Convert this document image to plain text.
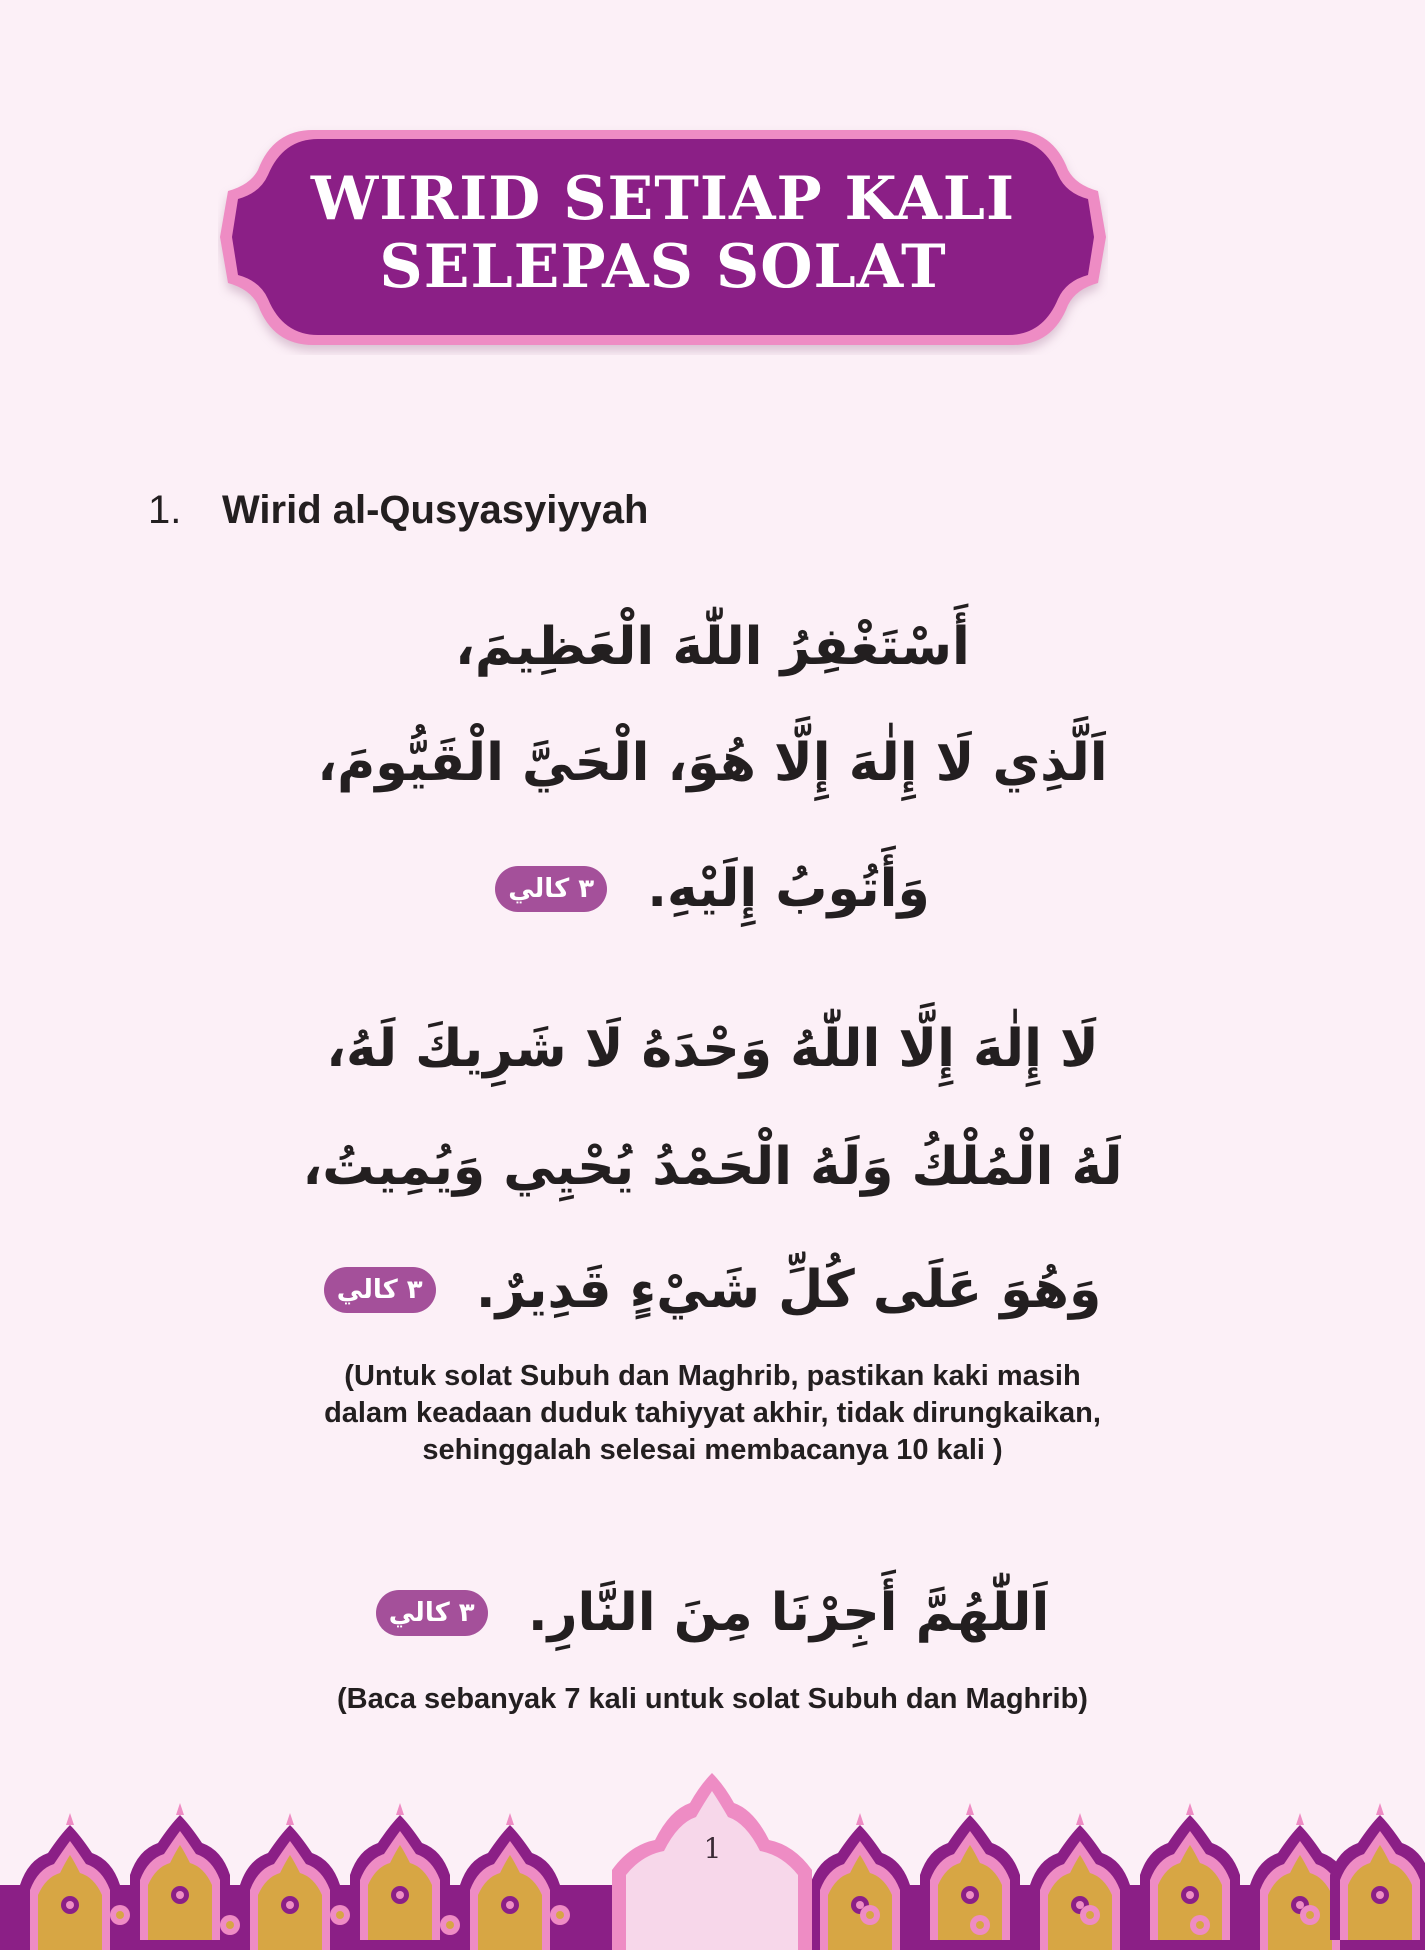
WIRID SETIAP KALI
SELEPAS SOLAT
1. Wirid al-Qusyasyiyyah
أَسْتَغْفِرُ اللّٰهَ الْعَظِيمَ،
اَلَّذِي لَا إِلٰهَ إِلَّا هُوَ، الْحَيَّ الْقَيُّومَ،
وَأَتُوبُ إِلَيْهِ. ٣ كالي
لَا إِلٰهَ إِلَّا اللّٰهُ وَحْدَهُ لَا شَرِيكَ لَهُ،
لَهُ الْمُلْكُ وَلَهُ الْحَمْدُ يُحْيِي وَيُمِيتُ،
وَهُوَ عَلَى كُلِّ شَيْءٍ قَدِيرٌ. ٣ كالي
(Untuk solat Subuh dan Maghrib, pastikan kaki masih
dalam keadaan duduk tahiyyat akhir, tidak dirungkaikan,
sehinggalah selesai membacanya 10 kali )
اَللّٰهُمَّ أَجِرْنَا مِنَ النَّارِ. ٣ كالي
(Baca sebanyak 7 kali untuk solat Subuh dan Maghrib)
1
